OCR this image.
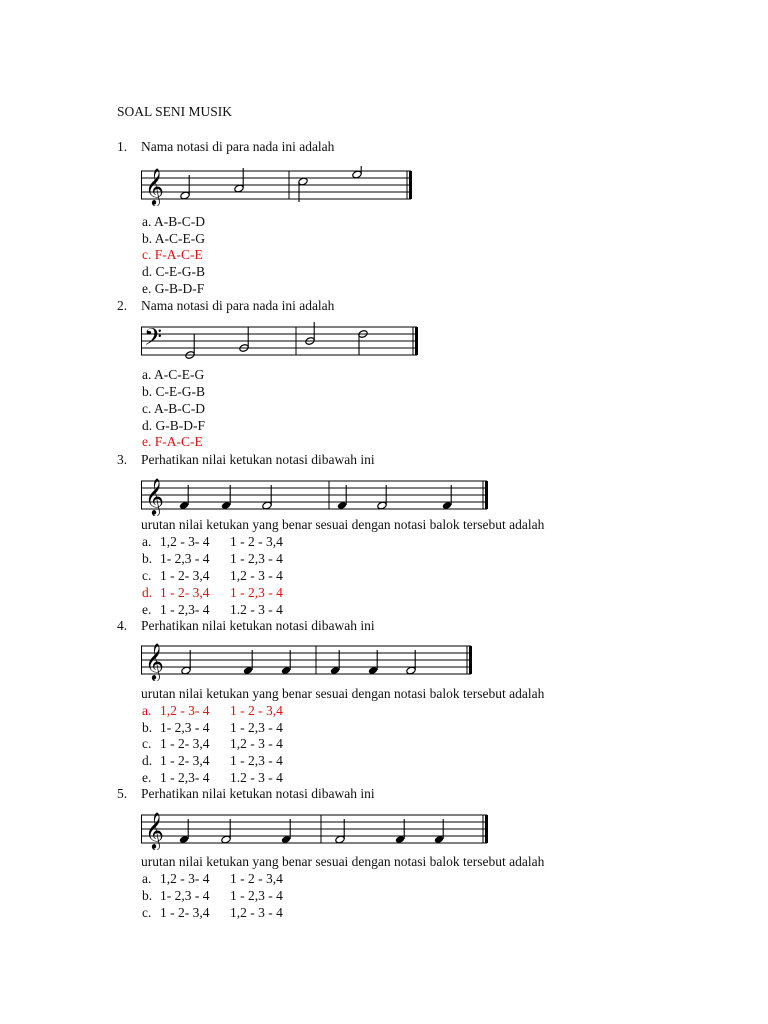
SOAL SENI MUSIK
1. Nama notasi di para nada ini adalah
𝄞
a. A-B-C-D
b. A-C-E-G
c. F-A-C-E
d. C-E-G-B
e. G-B-D-F
2. Nama notasi di para nada ini adalah
𝄢
a. A-C-E-G
b. C-E-G-B
c. A-B-C-D
d. G-B-D-F
e. F-A-C-E
3. Perhatikan nilai ketukan notasi dibawah ini
𝄞
urutan nilai ketukan yang benar sesuai dengan notasi balok tersebut adalah
a. 1,2 - 3- 4 1 - 2 - 3,4
b. 1- 2,3 - 4 1 - 2,3 - 4
c. 1 - 2- 3,4 1,2 - 3 - 4
d. 1 - 2- 3,4 1 - 2,3 - 4
e. 1 - 2,3- 4 1.2 - 3 - 4
4. Perhatikan nilai ketukan notasi dibawah ini
𝄞
urutan nilai ketukan yang benar sesuai dengan notasi balok tersebut adalah
a. 1,2 - 3- 4 1 - 2 - 3,4
b. 1- 2,3 - 4 1 - 2,3 - 4
c. 1 - 2- 3,4 1,2 - 3 - 4
d. 1 - 2- 3,4 1 - 2,3 - 4
e. 1 - 2,3- 4 1.2 - 3 - 4
5. Perhatikan nilai ketukan notasi dibawah ini
𝄞
urutan nilai ketukan yang benar sesuai dengan notasi balok tersebut adalah
a. 1,2 - 3- 4 1 - 2 - 3,4
b. 1- 2,3 - 4 1 - 2,3 - 4
c. 1 - 2- 3,4 1,2 - 3 - 4
